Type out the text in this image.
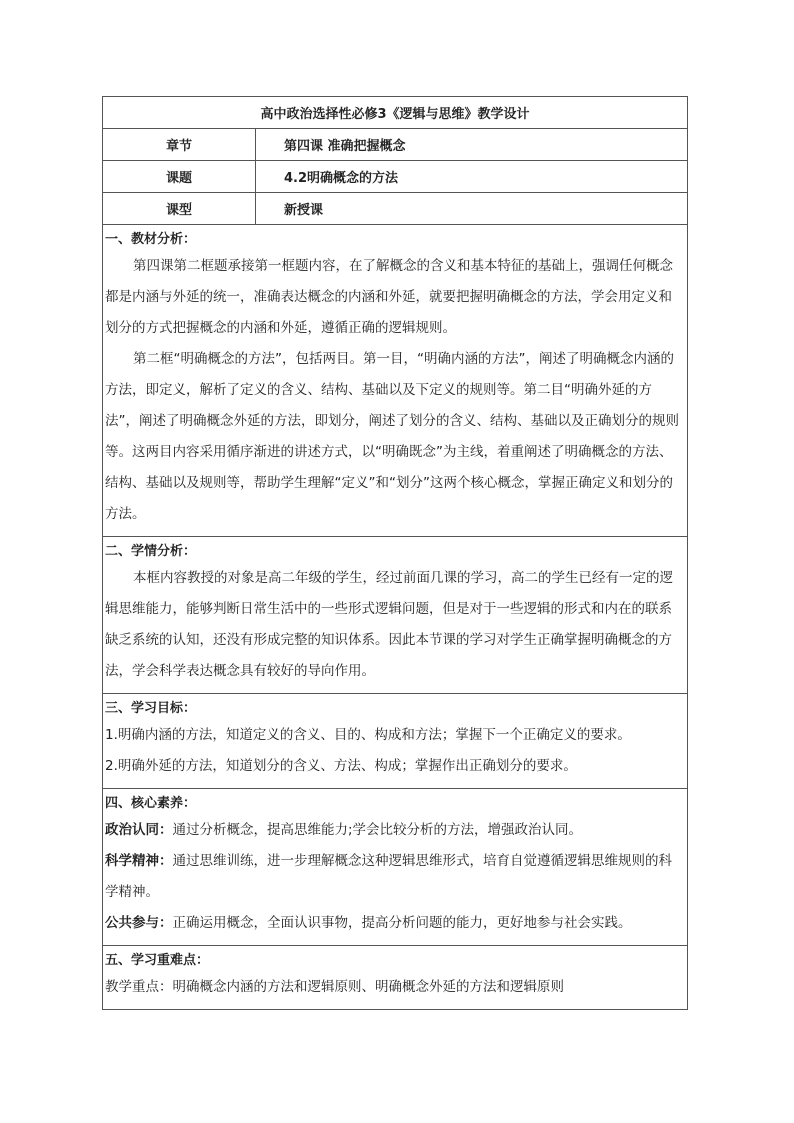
高中政治选择性必修3《逻辑与思维》教学设计	
章节	第四课 准确把握概念
课题	4.2明确概念的方法
课型	新授课

一、教材分析：

第四课第二框题承接第一框题内容，在了解概念的含义和基本特征的基础上，强调任何概念都是内涵与外延的统一，准确表达概念的内涵和外延，就要把握明确概念的方法，学会用定义和划分的方式把握概念的内涵和外延，遵循正确的逻辑规则。

第二框“明确概念的方法”，包括两目。第一目，“明确内涵的方法”，阐述了明确概念内涵的方法，即定义，解析了定义的含义、结构、基础以及下定义的规则等。第二目“明确外延的方法”，阐述了明确概念外延的方法，即划分，阐述了划分的含义、结构、基础以及正确划分的规则等。这两目内容采用循序渐进的讲述方式，以“明确既念”为主线，着重阐述了明确概念的方法、结构、基础以及规则等，帮助学生理解“定义”和“划分”这两个核心概念，掌握正确定义和划分的方法。	

二、学情分析：

本框内容教授的对象是高二年级的学生，经过前面几课的学习，高二的学生已经有一定的逻辑思维能力，能够判断日常生活中的一些形式逻辑问题，但是对于一些逻辑的形式和内在的联系缺乏系统的认知，还没有形成完整的知识体系。因此本节课的学习对学生正确掌握明确概念的方法，学会科学表达概念具有较好的导向作用。	

三、学习目标：

1.明确内涵的方法，知道定义的含义、目的、构成和方法；掌握下一个正确定义的要求。

2.明确外延的方法，知道划分的含义、方法、构成；掌握作出正确划分的要求。	

四、核心素养：

政治认同：通过分析概念，提高思维能力;学会比较分析的方法，增强政治认同。

科学精神：通过思维训练，进一步理解概念这种逻辑思维形式，培育自觉遵循逻辑思维规则的科学精神。

公共参与：正确运用概念，全面认识事物，提高分析问题的能力，更好地参与社会实践。	

五、学习重难点：

教学重点：明确概念内涵的方法和逻辑原则、明确概念外延的方法和逻辑原则	
